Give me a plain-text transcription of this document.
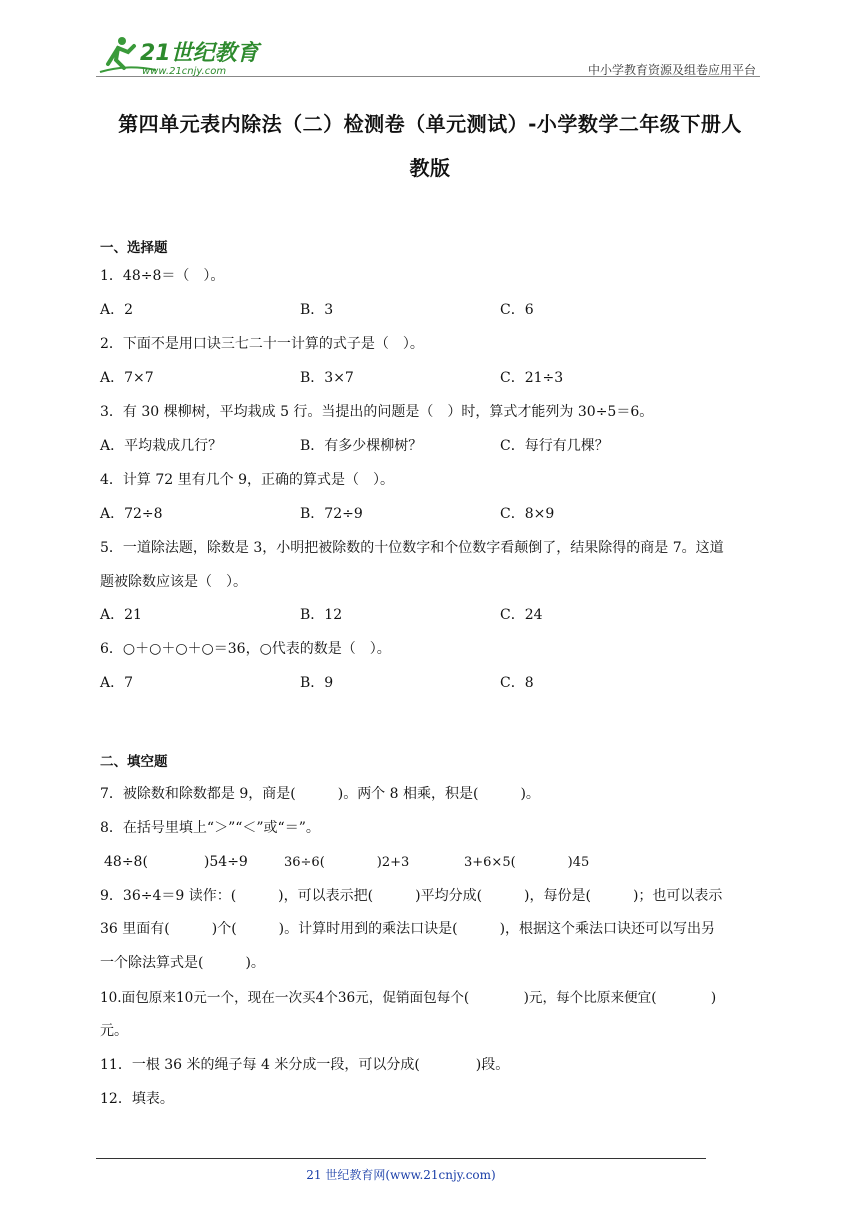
21世纪教育
www.21cnjy.com	中小学教育资源及组卷应用平台
第四单元表内除法（二）检测卷（单元测试）-小学数学二年级下册人
教版
一、选择题
1．48÷8＝（　）。
A．2	B．3	C．6
2．下面不是用口诀三七二十一计算的式子是（　）。
A．7×7	B．3×7	C．21÷3
3．有 30 棵柳树，平均栽成 5 行。当提出的问题是（　）时，算式才能列为 30÷5＝6。
A．平均栽成几行？	B．有多少棵柳树？	C．每行有几棵？
4．计算 72 里有几个 9，正确的算式是（　）。
A．72÷8	B．72÷9	C．8×9
5．一道除法题，除数是 3，小明把被除数的十位数字和个位数字看颠倒了，结果除得的商是 7。这道
题被除数应该是（　）。
A．21	B．12	C．24
6．○＋○＋○＋○＝36，○代表的数是（　）。
A．7	B．9	C．8
二、填空题
7．被除数和除数都是 9，商是(　　　)。两个 8 相乘，积是(　　　)。
8．在括号里填上“＞”“＜”或“＝”。
48÷8(　　　　)54÷9	36÷6(　　　　)2+3	3+6×5(　　　　)45
9．36÷4＝9 读作：(　　　)，可以表示把(　　　)平均分成(　　　)，每份是(　　　)；也可以表示
36 里面有(　　　)个(　　　)。计算时用到的乘法口诀是(　　　)，根据这个乘法口诀还可以写出另
一个除法算式是(　　　)。
10.面包原来10元一个，现在一次买4个36元，促销面包每个(　　　　)元，每个比原来便宜(　　　　)
元。
11．一根 36 米的绳子每 4 米分成一段，可以分成(　　　　)段。
12．填表。
21 世纪教育网(www.21cnjy.com)
